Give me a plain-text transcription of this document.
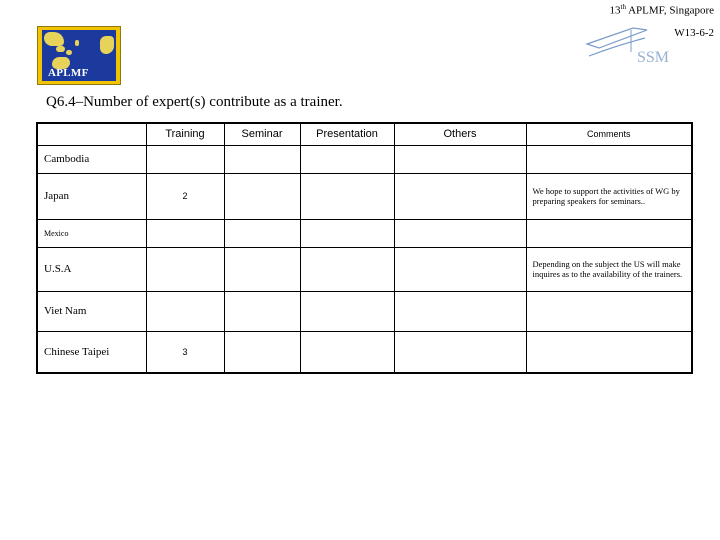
13th APLMF, Singapore
W13-6-2
APLMF
SSM
Q6.4–Number of expert(s) contribute as a trainer.
	Training	Seminar	Presentation	Others	Comments
Cambodia					
Japan	2				We hope to support the activities of WG by preparing speakers for seminars..
Mexico					
U.S.A					Depending on the subject the US will make inquires as to the availability of the trainers.
Viet Nam					
Chinese Taipei	3				
